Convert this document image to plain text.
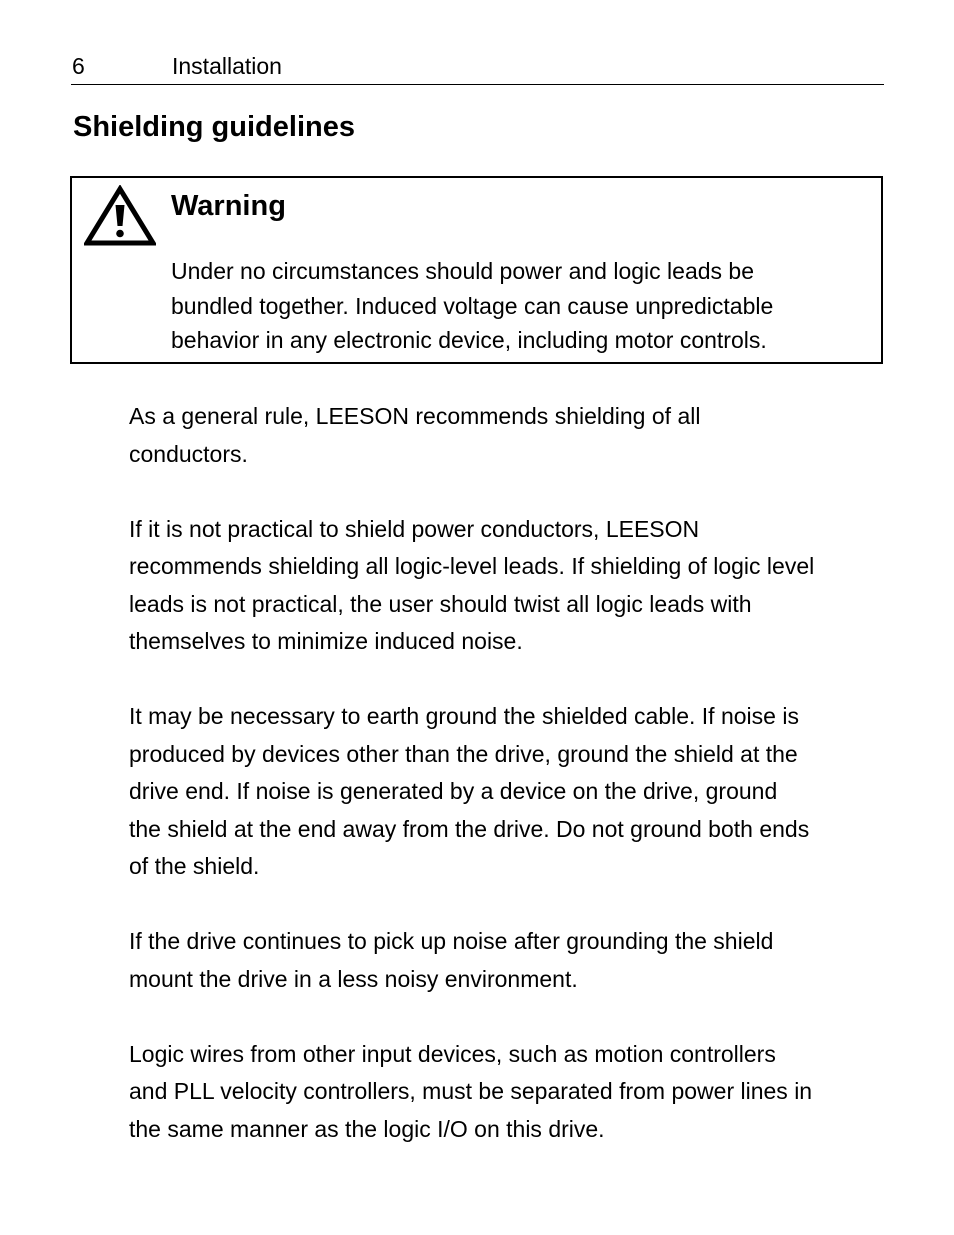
6	Installation
Shielding guidelines
Warning

Under no circumstances should power and logic leads be
bundled together. Induced voltage can cause unpredictable
behavior in any electronic device, including motor controls.

As a general rule, LEESON recommends shielding of all
conductors.

If it is not practical to shield power conductors, LEESON
recommends shielding all logic-level leads. If shielding of logic level
leads is not practical, the user should twist all logic leads with
themselves to minimize induced noise.

It may be necessary to earth ground the shielded cable. If noise is
produced by devices other than the drive, ground the shield at the
drive end. If noise is generated by a device on the drive, ground
the shield at the end away from the drive. Do not ground both ends
of the shield.

If the drive continues to pick up noise after grounding the shield
mount the drive in a less noisy environment.

Logic wires from other input devices, such as motion controllers
and PLL velocity controllers, must be separated from power lines in
the same manner as the logic I/O on this drive.
